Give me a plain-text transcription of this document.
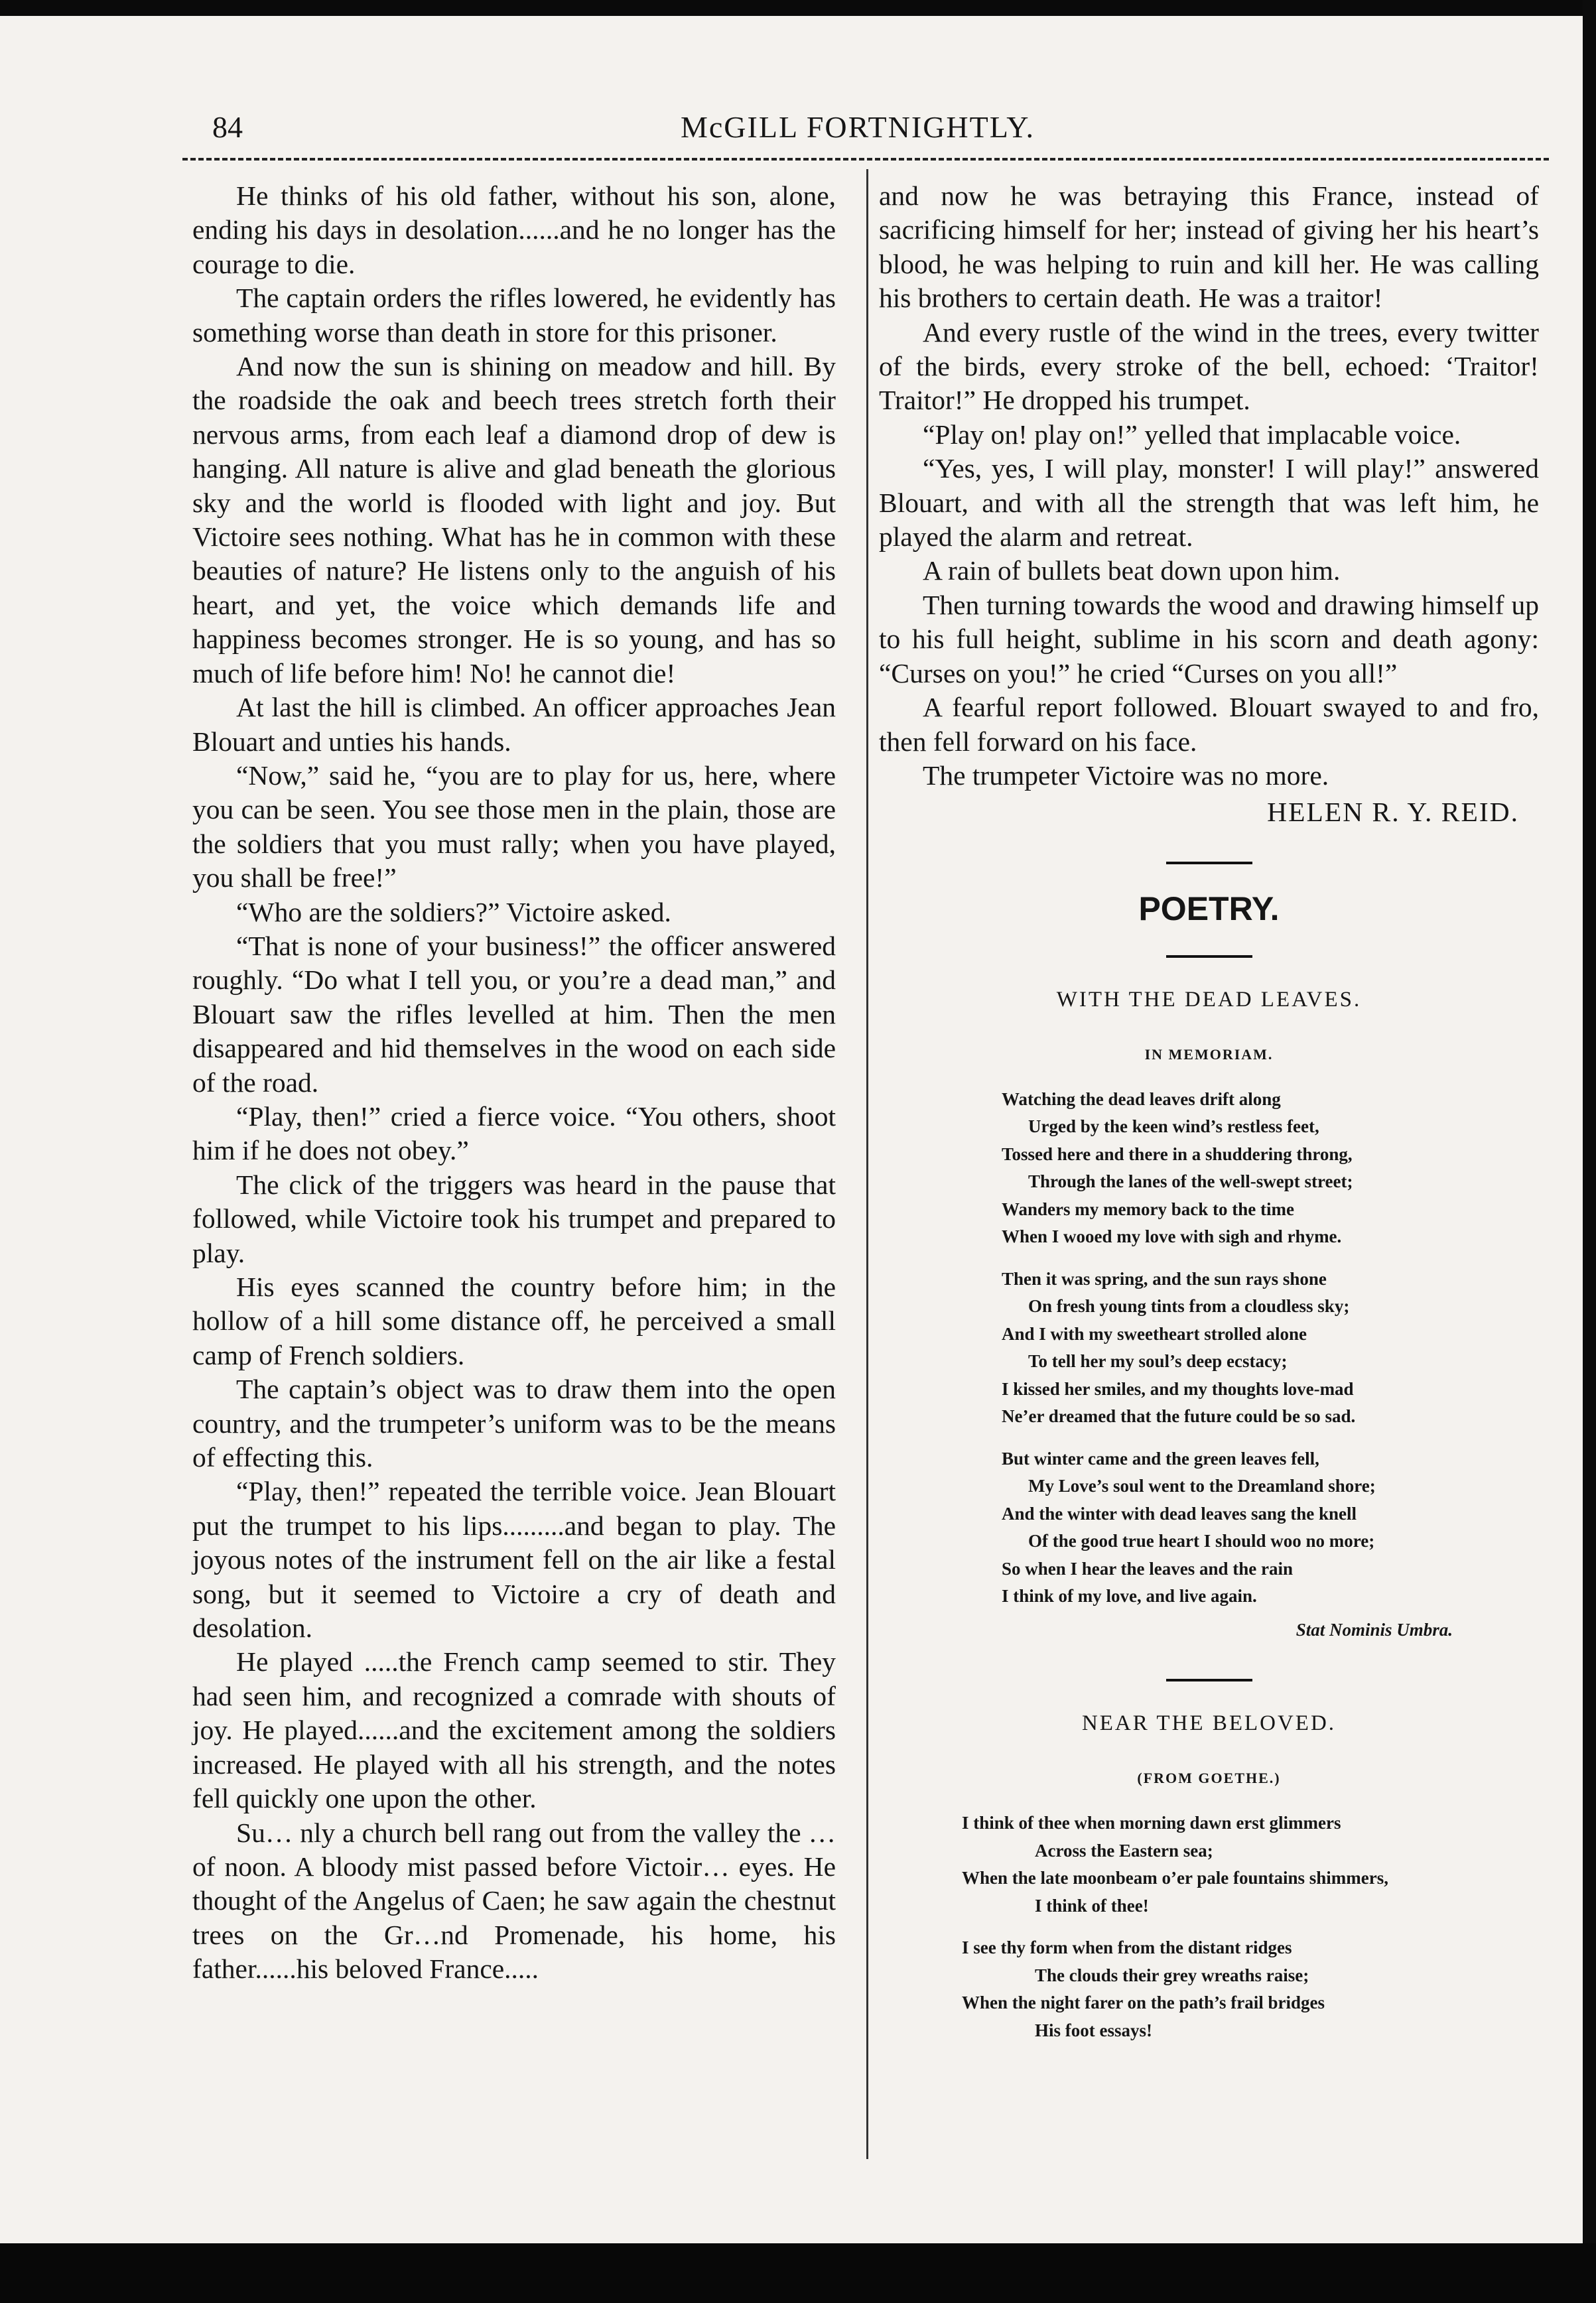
84	McGILL FORTNIGHTLY.

He thinks of his old father, without his son, alone, ending his days in desolation......and he no longer has the courage to die.

The captain orders the rifles lowered, he evidently has something worse than death in store for this prisoner.

And now the sun is shining on meadow and hill. By the roadside the oak and beech trees stretch forth their nervous arms, from each leaf a diamond drop of dew is hanging. All nature is alive and glad beneath the glorious sky and the world is flooded with light and joy. But Victoire sees nothing. What has he in common with these beauties of nature? He listens only to the anguish of his heart, and yet, the voice which demands life and happiness becomes stronger. He is so young, and has so much of life before him! No! he cannot die!

At last the hill is climbed. An officer approaches Jean Blouart and unties his hands.

“Now,” said he, “you are to play for us, here, where you can be seen. You see those men in the plain, those are the soldiers that you must rally; when you have played, you shall be free!”

“Who are the soldiers?” Victoire asked.

“That is none of your business!” the officer answered roughly. “Do what I tell you, or you’re a dead man,” and Blouart saw the rifles levelled at him. Then the men disappeared and hid themselves in the wood on each side of the road.

“Play, then!” cried a fierce voice. “You others, shoot him if he does not obey.”

The click of the triggers was heard in the pause that followed, while Victoire took his trumpet and prepared to play.

His eyes scanned the country before him; in the hollow of a hill some distance off, he perceived a small camp of French soldiers.

The captain’s object was to draw them into the open country, and the trumpeter’s uniform was to be the means of effecting this.

“Play, then!” repeated the terrible voice. Jean Blouart put the trumpet to his lips.........and began to play. The joyous notes of the instrument fell on the air like a festal song, but it seemed to Victoire a cry of death and desolation.

He played .....the French camp seemed to stir. They had seen him, and recognized a comrade with shouts of joy. He played......and the excitement among the soldiers increased. He played with all his strength, and the notes fell quickly one upon the other.

Su… nly a church bell rang out from the valley the … of noon. A bloody mist passed before Victoir… eyes. He thought of the Angelus of Caen; he saw again the chestnut trees on the Gr…nd Promenade, his home, his father......his beloved France.....

and now he was betraying this France, instead of sacrificing himself for her; instead of giving her his heart’s blood, he was helping to ruin and kill her. He was calling his brothers to certain death. He was a traitor!

And every rustle of the wind in the trees, every twitter of the birds, every stroke of the bell, echoed: ‘Traitor! Traitor!” He dropped his trumpet.

“Play on! play on!” yelled that implacable voice.

“Yes, yes, I will play, monster! I will play!” answered Blouart, and with all the strength that was left him, he played the alarm and retreat.

A rain of bullets beat down upon him.

Then turning towards the wood and drawing himself up to his full height, sublime in his scorn and death agony: “Curses on you!” he cried “Curses on you all!”

A fearful report followed. Blouart swayed to and fro, then fell forward on his face.

The trumpeter Victoire was no more.

HELEN R. Y. REID.
POETRY.
WITH THE DEAD LEAVES.
IN MEMORIAM.
Watching the dead leaves drift along
Urged by the keen wind’s restless feet,
Tossed here and there in a shuddering throng,
Through the lanes of the well-swept street;
Wanders my memory back to the time
When I wooed my love with sigh and rhyme.
Then it was spring, and the sun rays shone
On fresh young tints from a cloudless sky;
And I with my sweetheart strolled alone
To tell her my soul’s deep ecstacy;
I kissed her smiles, and my thoughts love-mad
Ne’er dreamed that the future could be so sad.
But winter came and the green leaves fell,
My Love’s soul went to the Dreamland shore;
And the winter with dead leaves sang the knell
Of the good true heart I should woo no more;
So when I hear the leaves and the rain
I think of my love, and live again.
Stat Nominis Umbra.
NEAR THE BELOVED.
(FROM GOETHE.)
I think of thee when morning dawn erst glimmers
Across the Eastern sea;
When the late moonbeam o’er pale fountains shimmers,
I think of thee!
I see thy form when from the distant ridges
The clouds their grey wreaths raise;
When the night farer on the path’s frail bridges
His foot essays!
